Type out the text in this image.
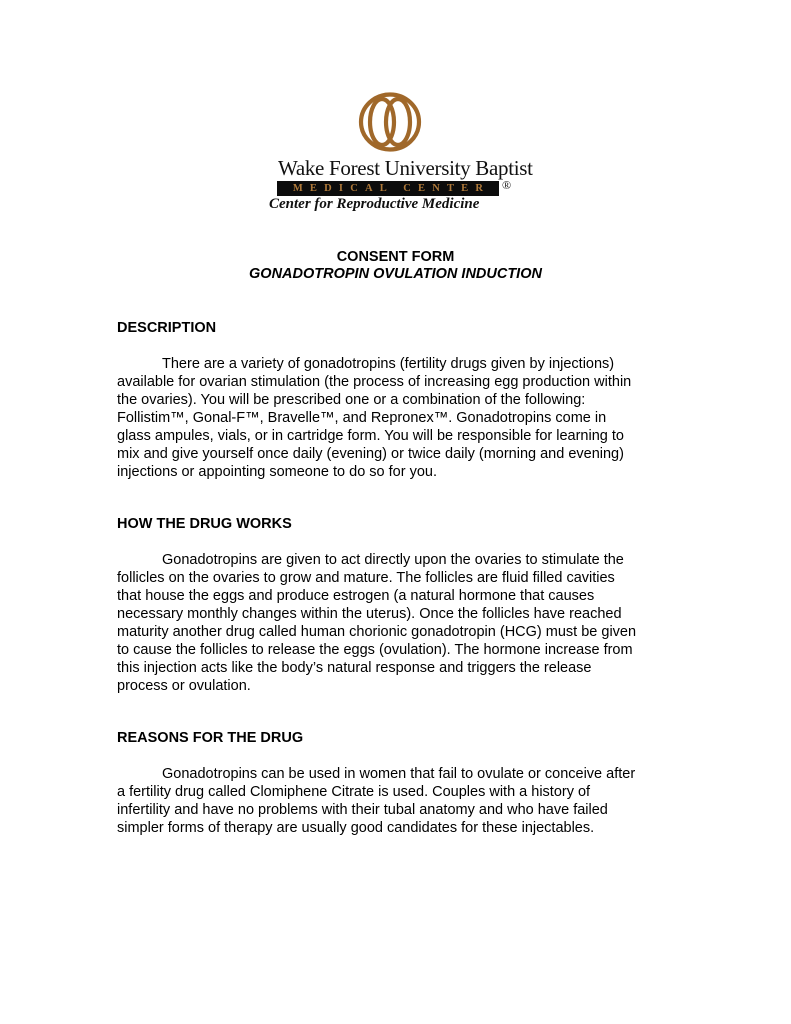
Wake Forest University Baptist
MEDICAL CENTER ®
Center for Reproductive Medicine
CONSENT FORM
GONADOTROPIN OVULATION INDUCTION
DESCRIPTION
There are a variety of gonadotropins (fertility drugs given by injections)
available for ovarian stimulation (the process of increasing egg production within
the ovaries). You will be prescribed one or a combination of the following:
Follistim™, Gonal-F™, Bravelle™, and Repronex™. Gonadotropins come in
glass ampules, vials, or in cartridge form. You will be responsible for learning to
mix and give yourself once daily (evening) or twice daily (morning and evening)
injections or appointing someone to do so for you.
HOW THE DRUG WORKS
Gonadotropins are given to act directly upon the ovaries to stimulate the
follicles on the ovaries to grow and mature. The follicles are fluid filled cavities
that house the eggs and produce estrogen (a natural hormone that causes
necessary monthly changes within the uterus). Once the follicles have reached
maturity another drug called human chorionic gonadotropin (HCG) must be given
to cause the follicles to release the eggs (ovulation). The hormone increase from
this injection acts like the body’s natural response and triggers the release
process or ovulation.
REASONS FOR THE DRUG
Gonadotropins can be used in women that fail to ovulate or conceive after
a fertility drug called Clomiphene Citrate is used. Couples with a history of
infertility and have no problems with their tubal anatomy and who have failed
simpler forms of therapy are usually good candidates for these injectables.
